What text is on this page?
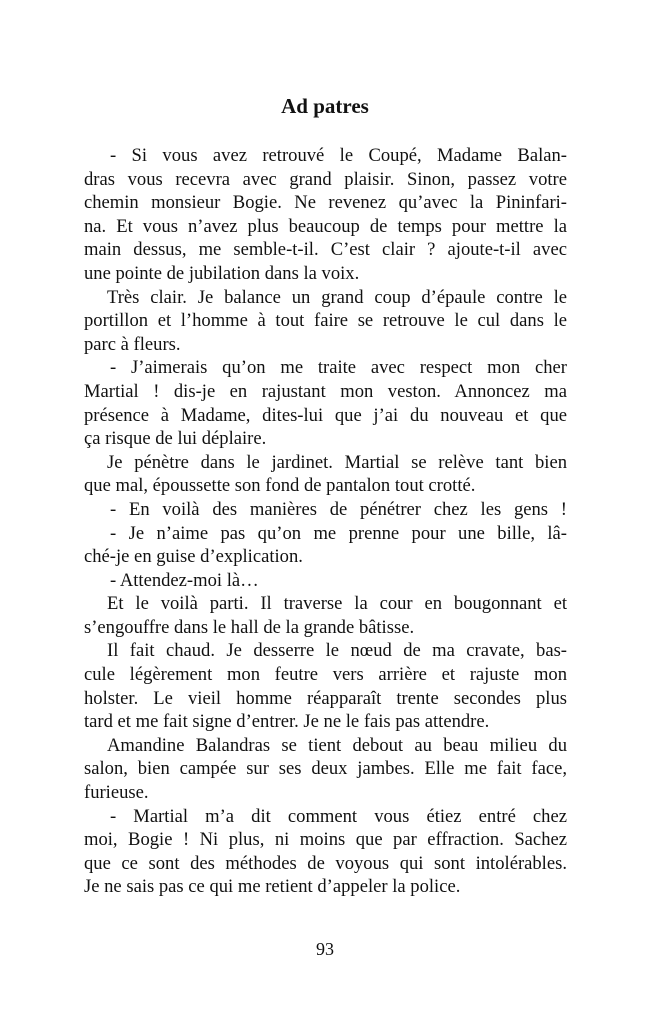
Ad patres
- Si vous avez retrouvé le Coupé, Madame Balan-
dras vous recevra avec grand plaisir. Sinon, passez votre
chemin monsieur Bogie. Ne revenez qu’avec la Pininfari-
na. Et vous n’avez plus beaucoup de temps pour mettre la
main dessus, me semble-t-il. C’est clair ? ajoute-t-il avec
une pointe de jubilation dans la voix.
Très clair. Je balance un grand coup d’épaule contre le
portillon et l’homme à tout faire se retrouve le cul dans le
parc à fleurs.
- J’aimerais qu’on me traite avec respect mon cher
Martial ! dis-je en rajustant mon veston. Annoncez ma
présence à Madame, dites-lui que j’ai du nouveau et que
ça risque de lui déplaire.
Je pénètre dans le jardinet. Martial se relève tant bien
que mal, époussette son fond de pantalon tout crotté.
- En voilà des manières de pénétrer chez les gens !
- Je n’aime pas qu’on me prenne pour une bille, lâ-
ché-je en guise d’explication.
- Attendez-moi là…
Et le voilà parti. Il traverse la cour en bougonnant et
s’engouffre dans le hall de la grande bâtisse.
Il fait chaud. Je desserre le nœud de ma cravate, bas-
cule légèrement mon feutre vers arrière et rajuste mon
holster. Le vieil homme réapparaît trente secondes plus
tard et me fait signe d’entrer. Je ne le fais pas attendre.
Amandine Balandras se tient debout au beau milieu du
salon, bien campée sur ses deux jambes. Elle me fait face,
furieuse.
- Martial m’a dit comment vous étiez entré chez
moi, Bogie ! Ni plus, ni moins que par effraction. Sachez
que ce sont des méthodes de voyous qui sont intolérables.
Je ne sais pas ce qui me retient d’appeler la police.
93
